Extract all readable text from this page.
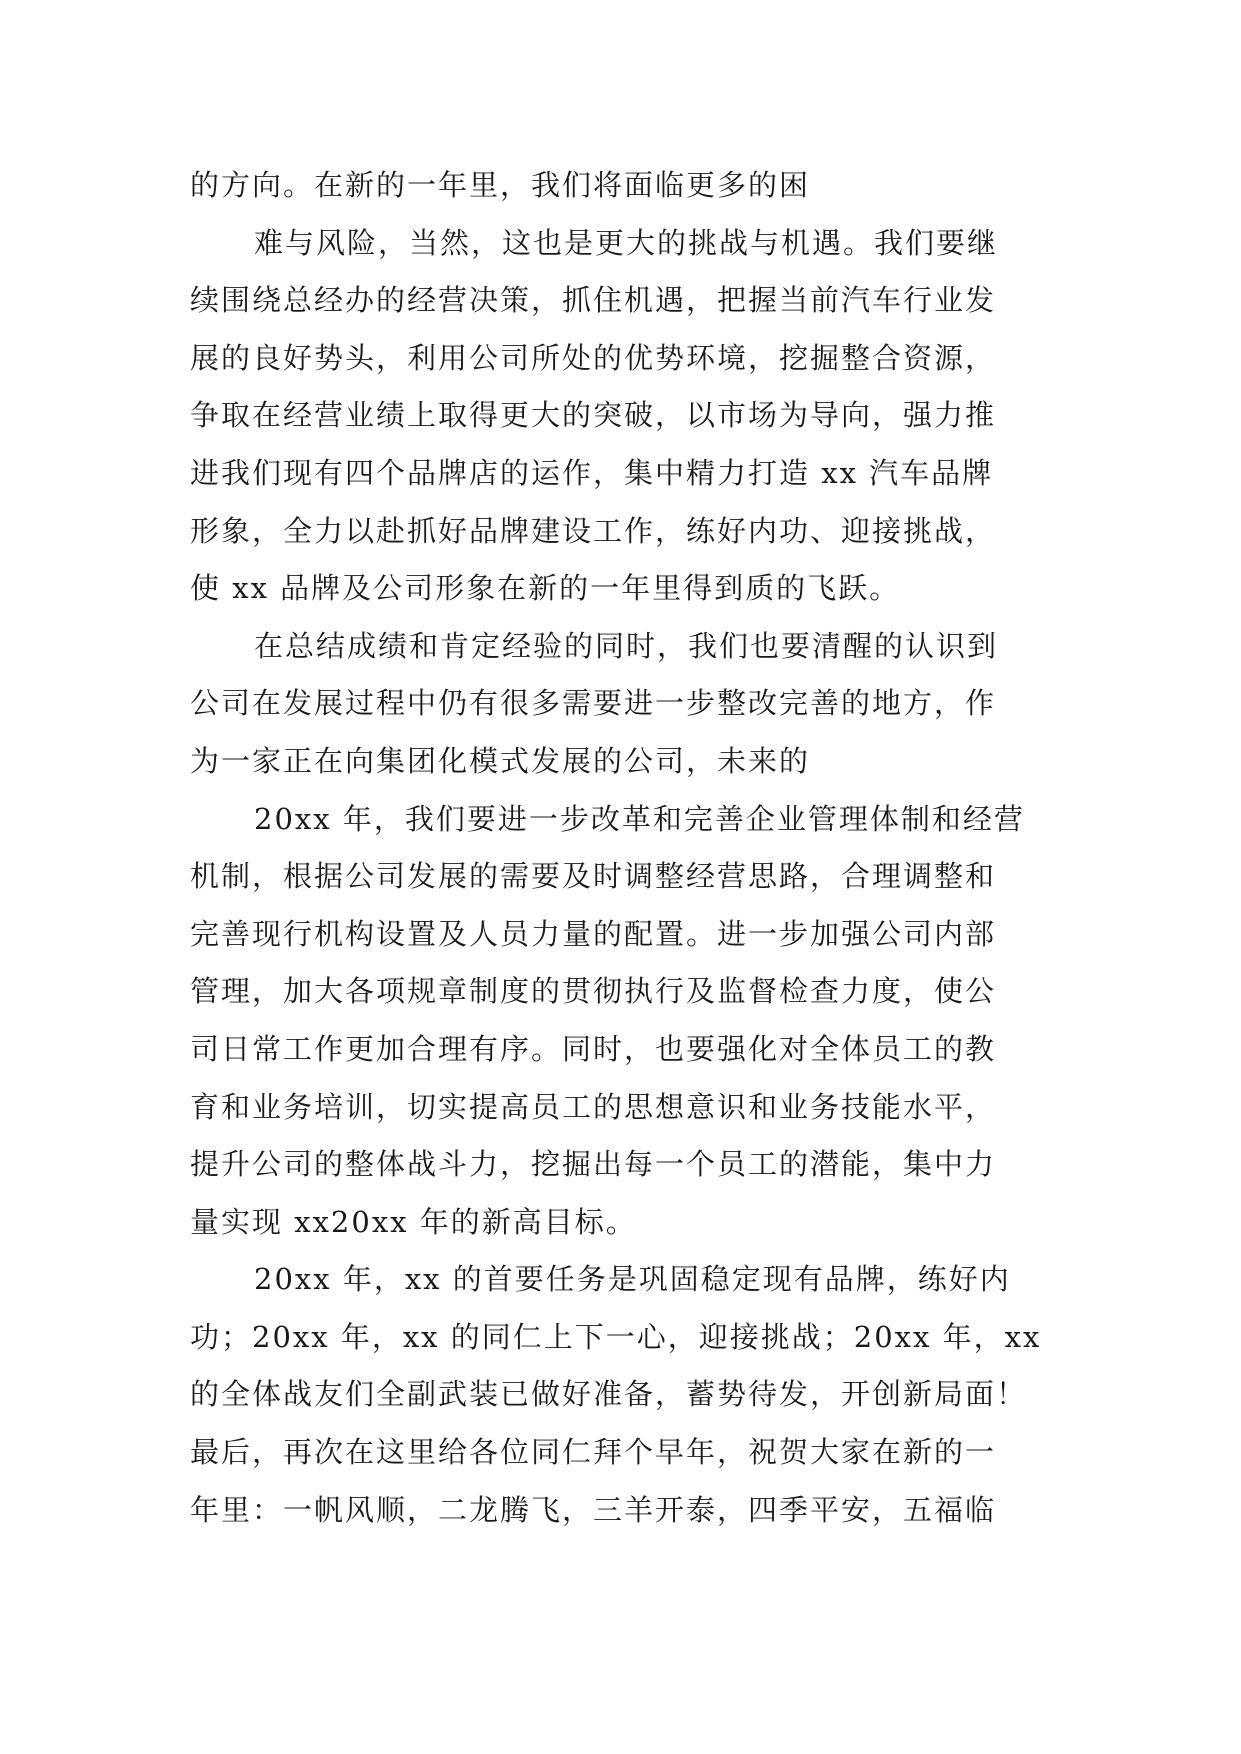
的方向。在新的一年里，我们将面临更多的困
难与风险，当然，这也是更大的挑战与机遇。我们要继
续围绕总经办的经营决策，抓住机遇，把握当前汽车行业发
展的良好势头，利用公司所处的优势环境，挖掘整合资源，
争取在经营业绩上取得更大的突破，以市场为导向，强力推
进我们现有四个品牌店的运作，集中精力打造 xx 汽车品牌
形象，全力以赴抓好品牌建设工作，练好内功、迎接挑战，
使 xx 品牌及公司形象在新的一年里得到质的飞跃。
在总结成绩和肯定经验的同时，我们也要清醒的认识到
公司在发展过程中仍有很多需要进一步整改完善的地方，作
为一家正在向集团化模式发展的公司，未来的
20xx 年，我们要进一步改革和完善企业管理体制和经营
机制，根据公司发展的需要及时调整经营思路，合理调整和
完善现行机构设置及人员力量的配置。进一步加强公司内部
管理，加大各项规章制度的贯彻执行及监督检查力度，使公
司日常工作更加合理有序。同时，也要强化对全体员工的教
育和业务培训，切实提高员工的思想意识和业务技能水平，
提升公司的整体战斗力，挖掘出每一个员工的潜能，集中力
量实现 xx20xx 年的新高目标。
20xx 年，xx 的首要任务是巩固稳定现有品牌，练好内
功；20xx 年，xx 的同仁上下一心，迎接挑战；20xx 年，xx
的全体战友们全副武装已做好准备，蓄势待发，开创新局面！
最后，再次在这里给各位同仁拜个早年，祝贺大家在新的一
年里：一帆风顺，二龙腾飞，三羊开泰，四季平安，五福临
